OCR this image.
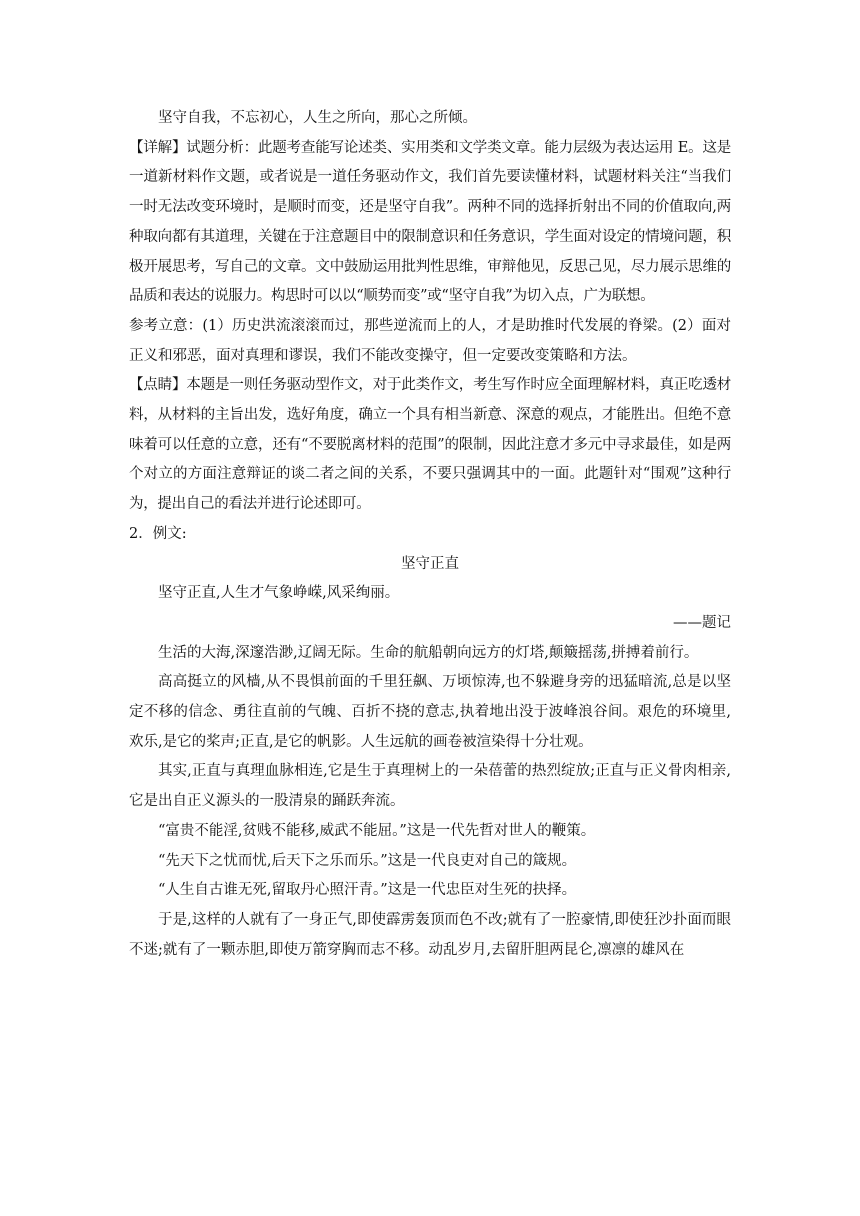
坚守自我，不忘初心，人生之所向，那心之所倾。

【详解】试题分析：此题考查能写论述类、实用类和文学类文章。能力层级为表达运用 E。这是一道新材料作文题，或者说是一道任务驱动作文，我们首先要读懂材料，试题材料关注“当我们一时无法改变环境时，是顺时而变，还是坚守自我”。两种不同的选择折射出不同的价值取向,两种取向都有其道理，关键在于注意题目中的限制意识和任务意识，学生面对设定的情境问题，积极开展思考，写自己的文章。文中鼓励运用批判性思维，审辩他见，反思己见，尽力展示思维的品质和表达的说服力。构思时可以以“顺势而变”或“坚守自我”为切入点，广为联想。

参考立意：(1）历史洪流滚滚而过，那些逆流而上的人，才是助推时代发展的脊梁。(2）面对正义和邪恶，面对真理和谬误，我们不能改变操守，但一定要改变策略和方法。

【点睛】本题是一则任务驱动型作文，对于此类作文，考生写作时应全面理解材料，真正吃透材料，从材料的主旨出发，选好角度，确立一个具有相当新意、深意的观点，才能胜出。但绝不意味着可以任意的立意，还有“不要脱离材料的范围”的限制，因此注意才多元中寻求最佳，如是两个对立的方面注意辩证的谈二者之间的关系，不要只强调其中的一面。此题针对“围观”这种行为，提出自己的看法并进行论述即可。

2．例文:

坚守正直

坚守正直,人生才气象峥嵘,风采绚丽。

——题记

生活的大海,深邃浩渺,辽阔无际。生命的航船朝向远方的灯塔,颠簸摇荡,拼搏着前行。

高高挺立的风樯,从不畏惧前面的千里狂飙、万顷惊涛,也不躲避身旁的迅猛暗流,总是以坚定不移的信念、勇往直前的气魄、百折不挠的意志,执着地出没于波峰浪谷间。艰危的环境里,欢乐,是它的桨声;正直,是它的帆影。人生远航的画卷被渲染得十分壮观。

其实,正直与真理血脉相连,它是生于真理树上的一朵蓓蕾的热烈绽放;正直与正义骨肉相亲,它是出自正义源头的一股清泉的踊跃奔流。

“富贵不能淫,贫贱不能移,威武不能屈。”这是一代先哲对世人的鞭策。

“先天下之忧而忧,后天下之乐而乐。”这是一代良吏对自己的箴规。

“人生自古谁无死,留取丹心照汗青。”这是一代忠臣对生死的抉择。

于是,这样的人就有了一身正气,即使霹雳轰顶而色不改;就有了一腔豪情,即使狂沙扑面而眼不迷;就有了一颗赤胆,即使万箭穿胸而志不移。动乱岁月,去留肝胆两昆仑,凛凛的雄风在
